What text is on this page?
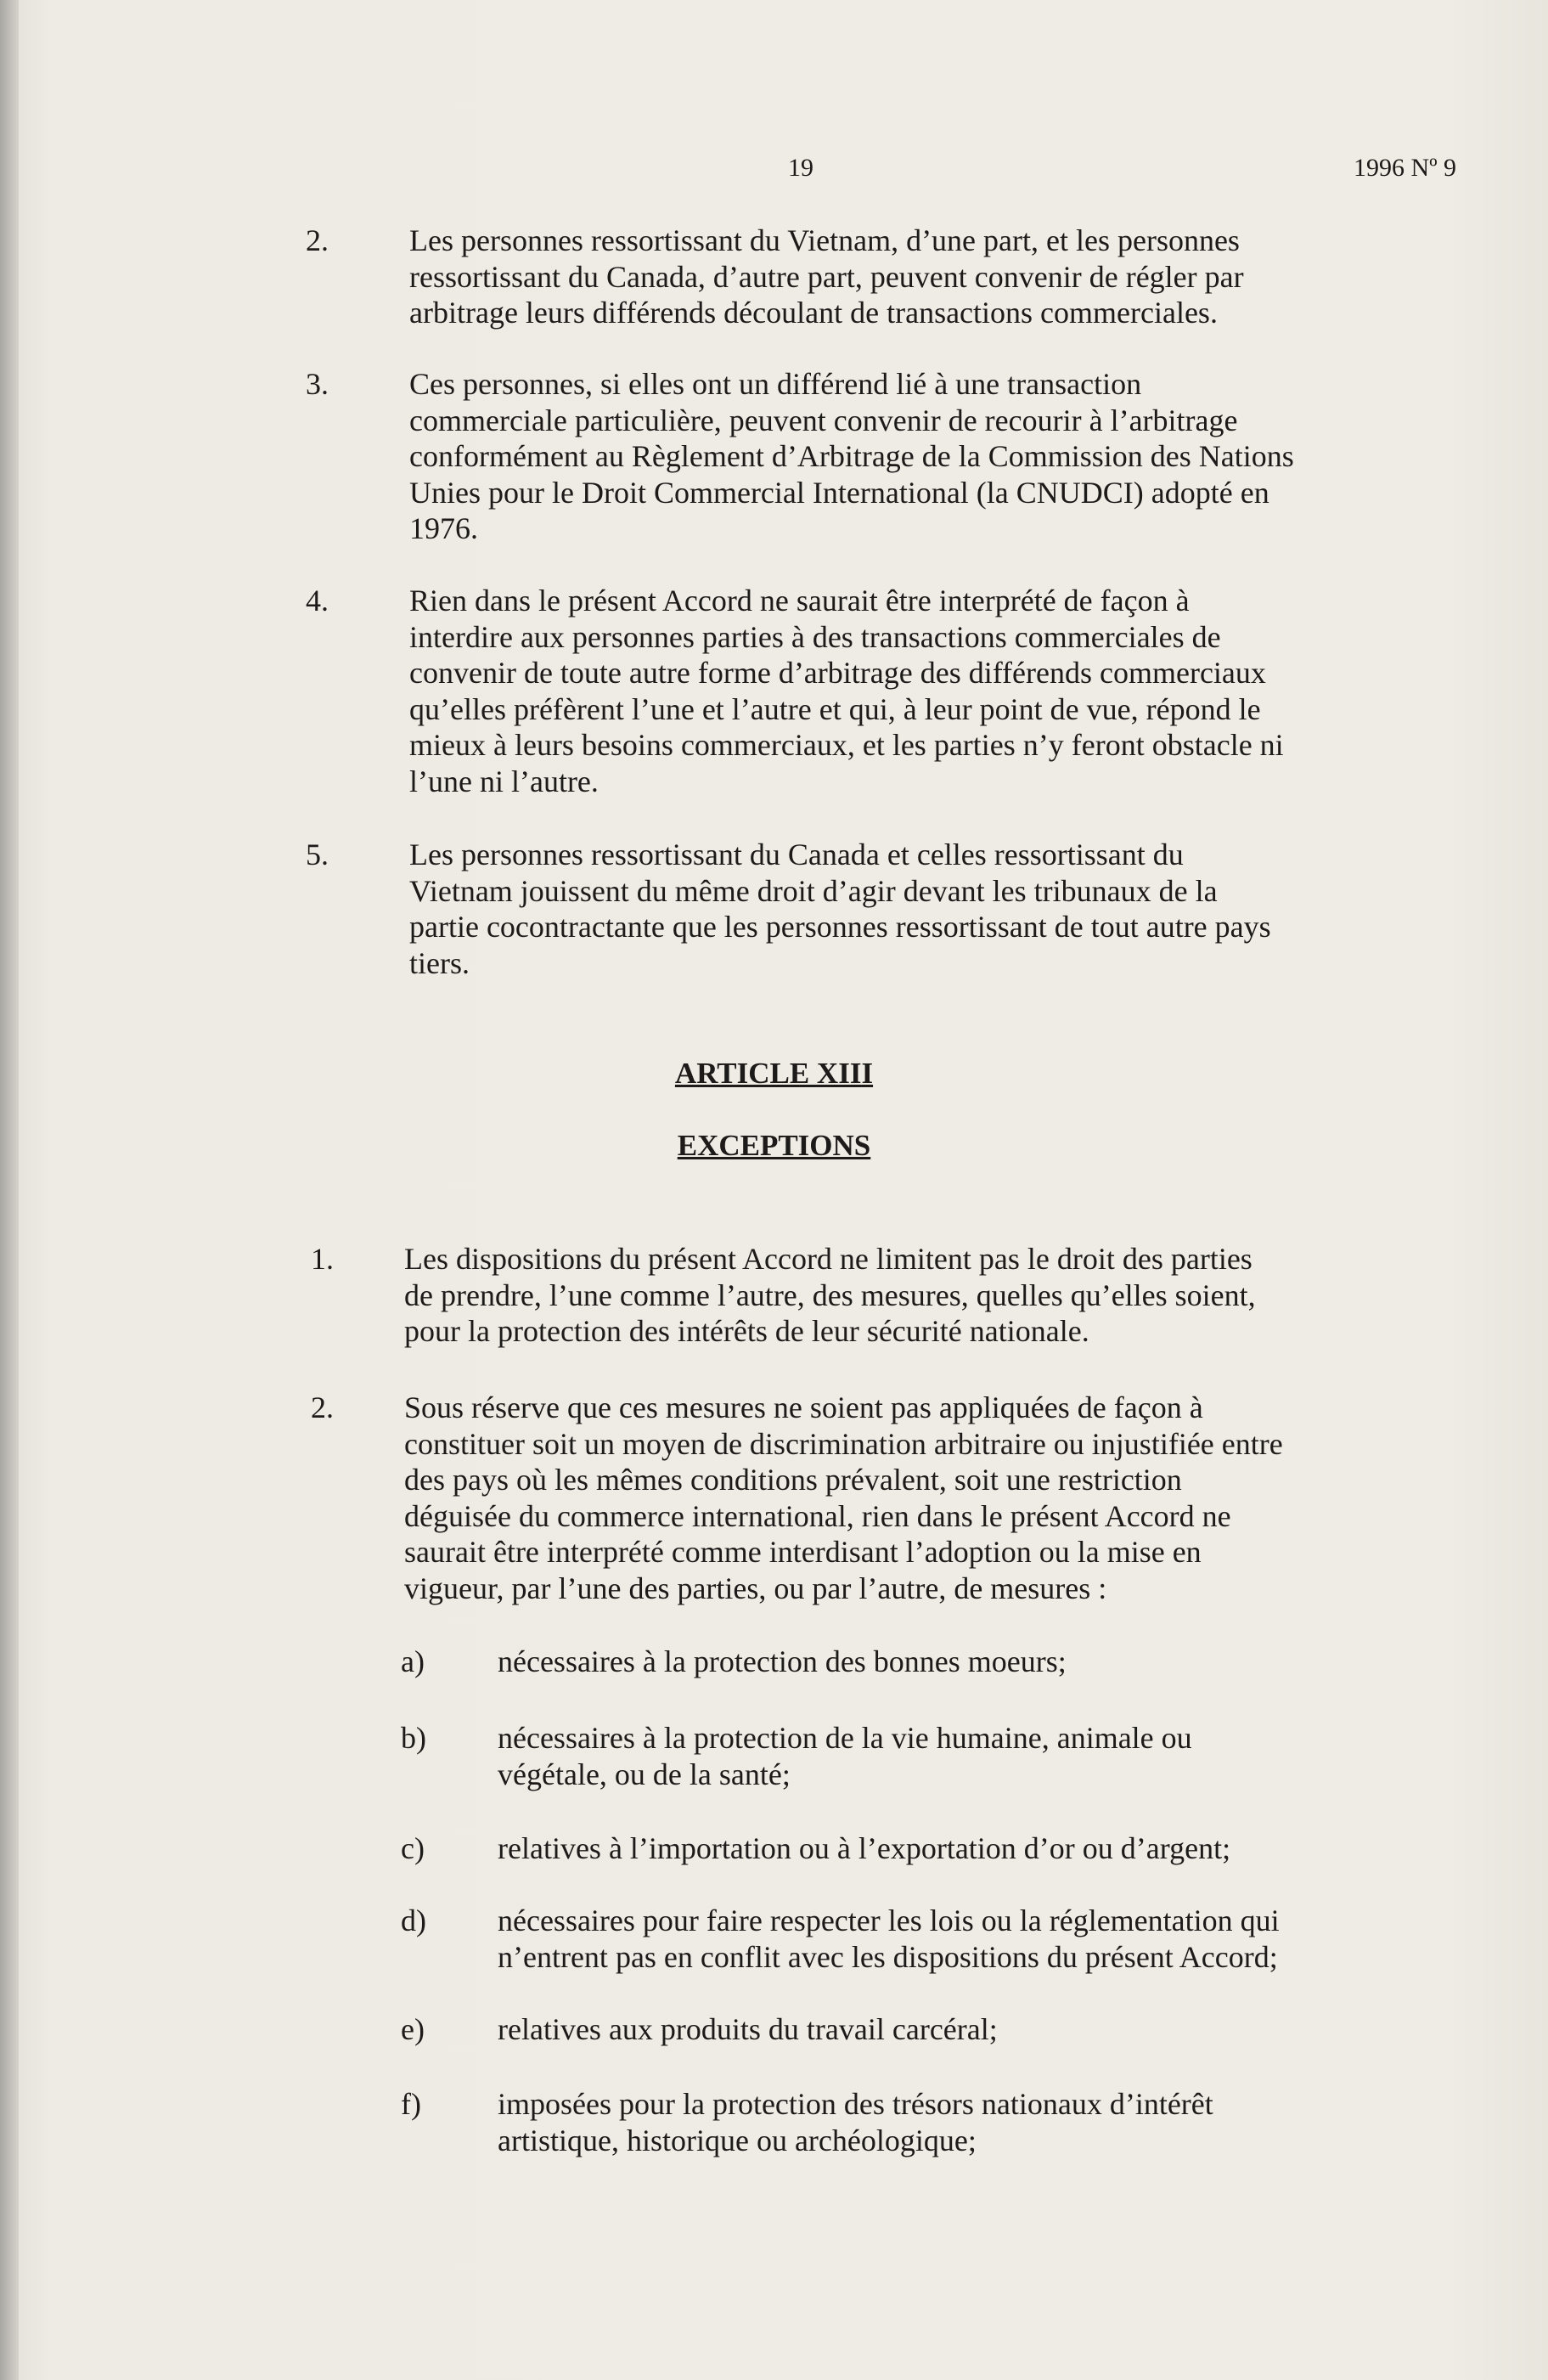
19	1996 Nº 9
2.	Les personnes ressortissant du Vietnam, d’une part, et les personnes
ressortissant du Canada, d’autre part, peuvent convenir de régler par
arbitrage leurs différends découlant de transactions commerciales.
3.	Ces personnes, si elles ont un différend lié à une transaction
commerciale particulière, peuvent convenir de recourir à l’arbitrage
conformément au Règlement d’Arbitrage de la Commission des Nations
Unies pour le Droit Commercial International (la CNUDCI) adopté en
1976.
4.	Rien dans le présent Accord ne saurait être interprété de façon à
interdire aux personnes parties à des transactions commerciales de
convenir de toute autre forme d’arbitrage des différends commerciaux
qu’elles préfèrent l’une et l’autre et qui, à leur point de vue, répond le
mieux à leurs besoins commerciaux, et les parties n’y feront obstacle ni
l’une ni l’autre.
5.	Les personnes ressortissant du Canada et celles ressortissant du
Vietnam jouissent du même droit d’agir devant les tribunaux de la
partie cocontractante que les personnes ressortissant de tout autre pays
tiers.
ARTICLE XIII
EXCEPTIONS
1. Les dispositions du présent Accord ne limitent pas le droit des parties
de prendre, l’une comme l’autre, des mesures, quelles qu’elles soient,
pour la protection des intérêts de leur sécurité nationale.
2. Sous réserve que ces mesures ne soient pas appliquées de façon à
constituer soit un moyen de discrimination arbitraire ou injustifiée entre
des pays où les mêmes conditions prévalent, soit une restriction
déguisée du commerce international, rien dans le présent Accord ne
saurait être interprété comme interdisant l’adoption ou la mise en
vigueur, par l’une des parties, ou par l’autre, de mesures :
a) nécessaires à la protection des bonnes moeurs;
b) nécessaires à la protection de la vie humaine, animale ou
végétale, ou de la santé;
c) relatives à l’importation ou à l’exportation d’or ou d’argent;
d) nécessaires pour faire respecter les lois ou la réglementation qui
n’entrent pas en conflit avec les dispositions du présent Accord;
e) relatives aux produits du travail carcéral;
f)	imposées pour la protection des trésors nationaux d’intérêt
artistique, historique ou archéologique;
